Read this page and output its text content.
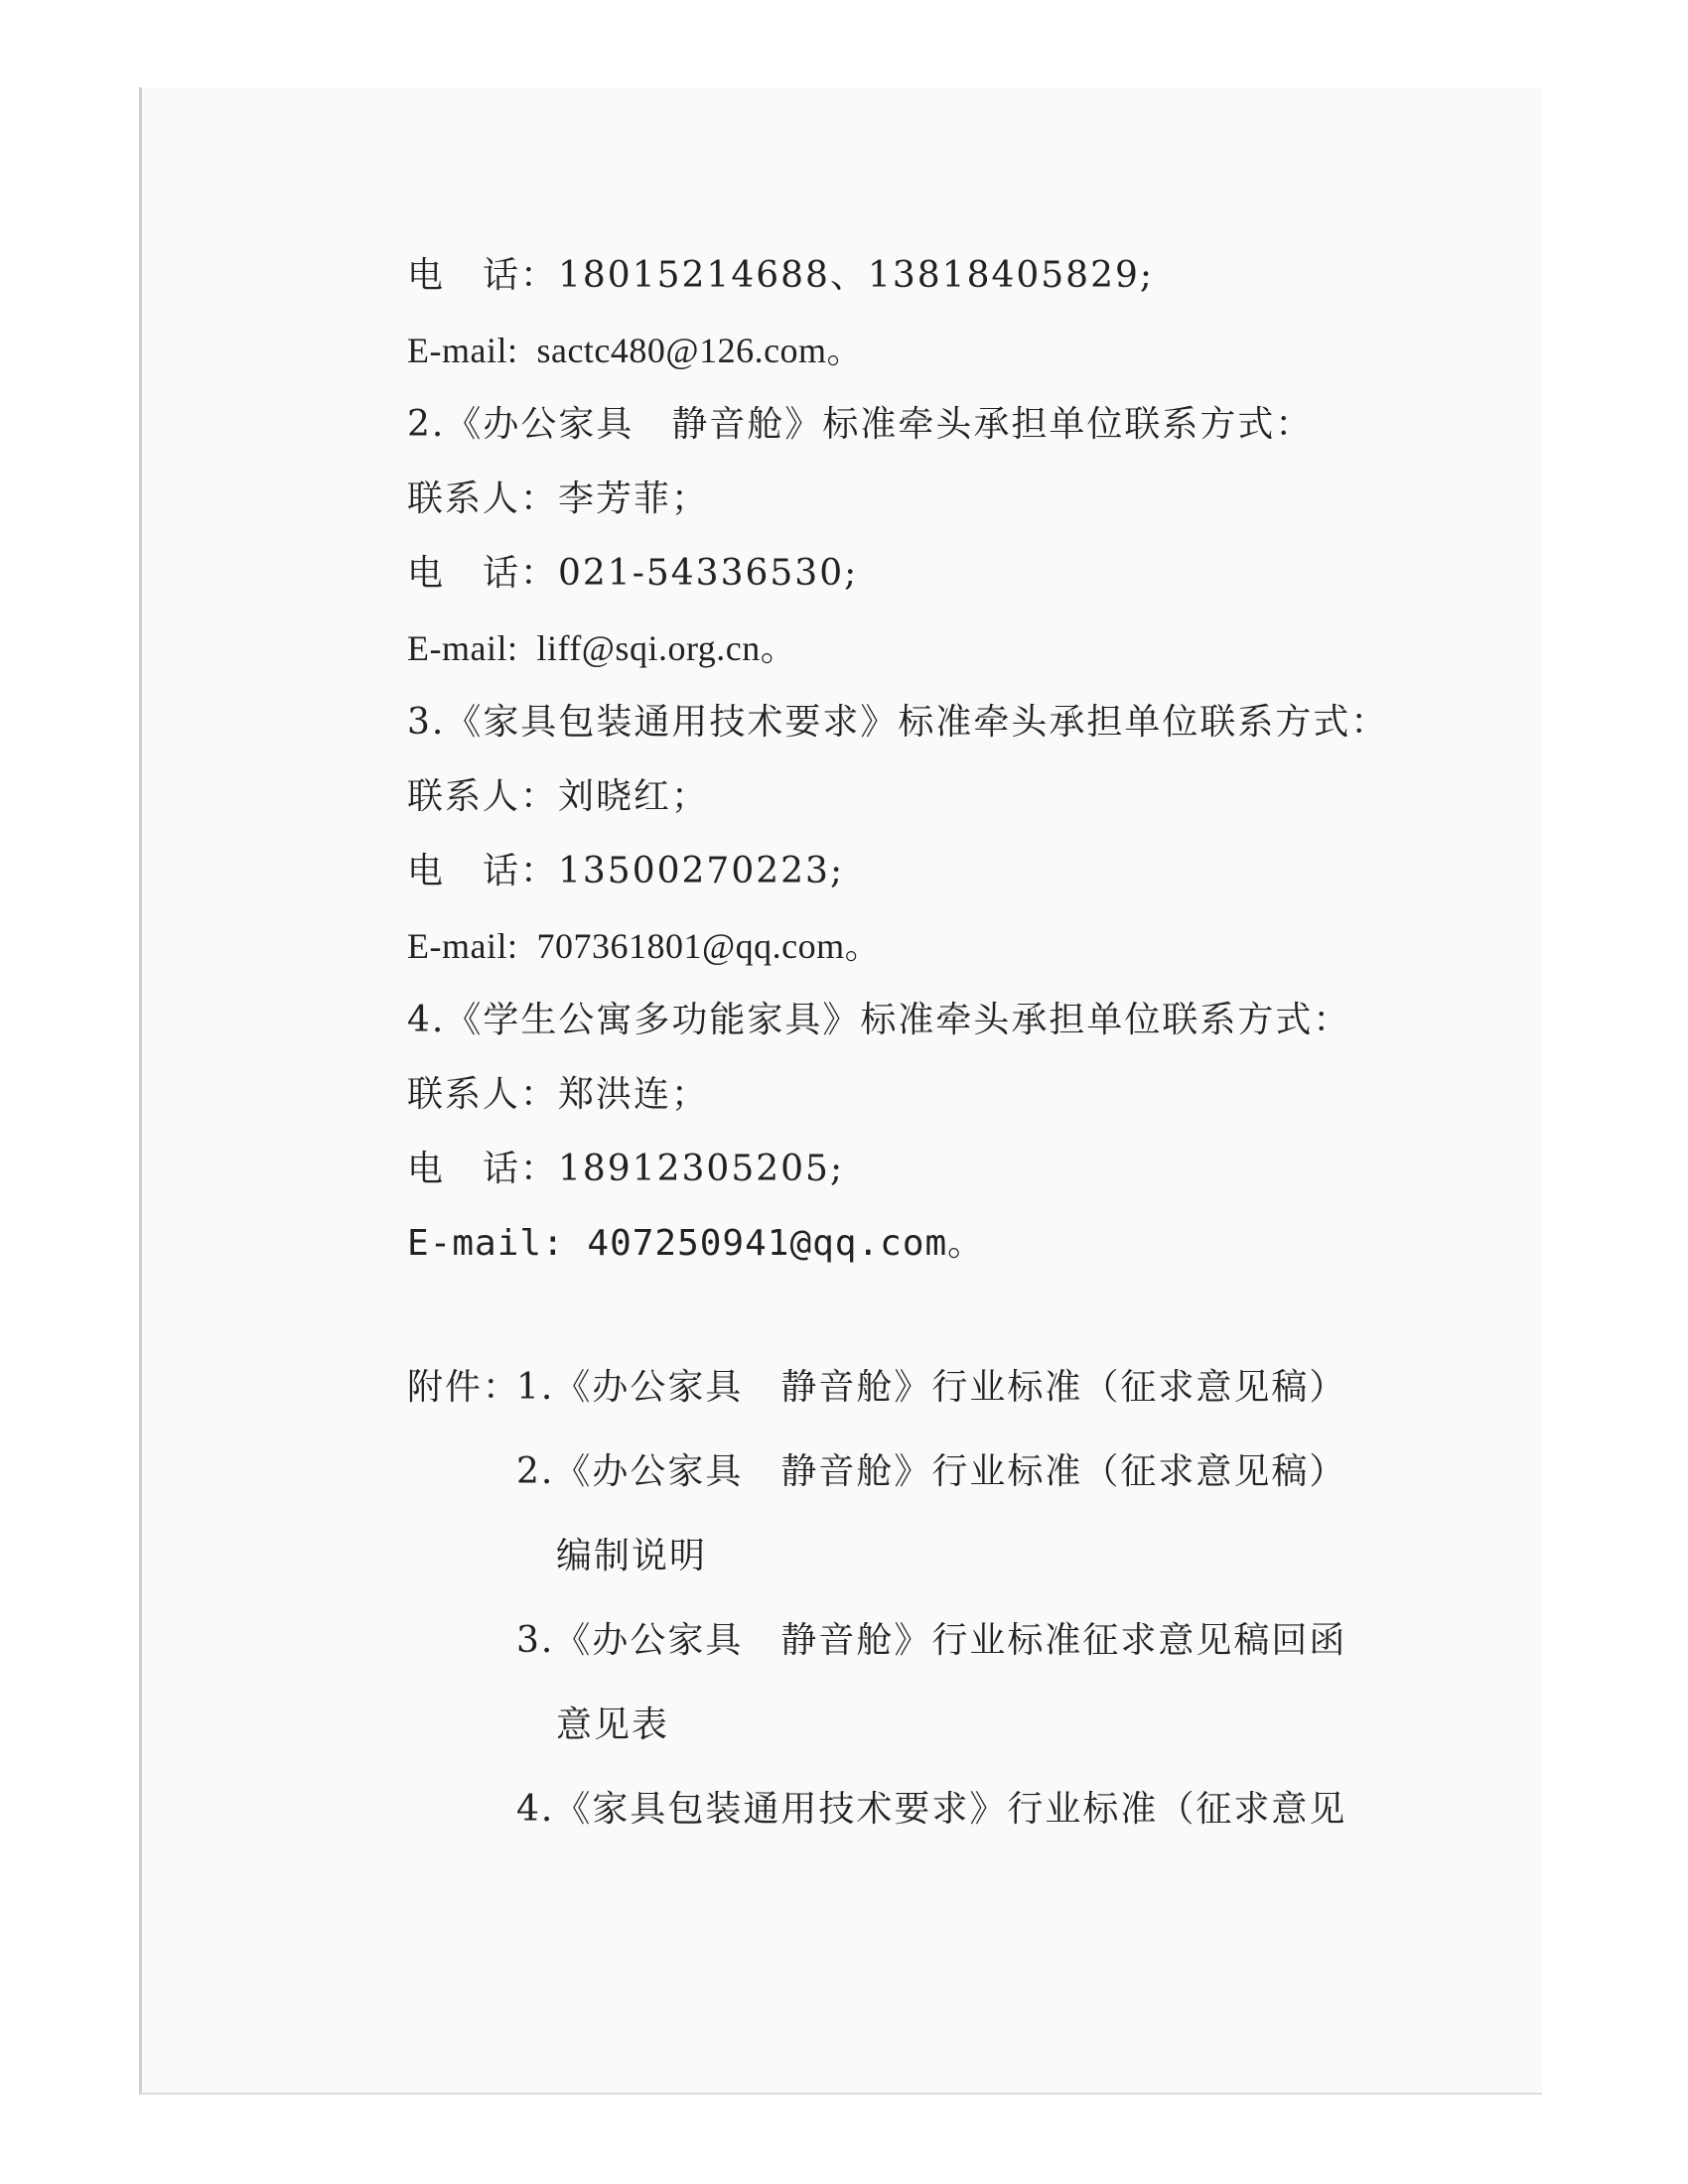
电　话：18015214688、13818405829;
E-mail:  sactc480@126.com。
2.《办公家具　静音舱》标准牵头承担单位联系方式：
联系人：李芳菲；
电　话：021-54336530;
E-mail:  liff@sqi.org.cn。
3.《家具包装通用技术要求》标准牵头承担单位联系方式：
联系人：刘晓红；
电　话：13500270223;
E-mail:  707361801@qq.com。
4.《学生公寓多功能家具》标准牵头承担单位联系方式：
联系人：郑洪连；
电　话：18912305205;
E-mail: 407250941@qq.com。
附件：
1.《办公家具　静音舱》行业标准（征求意见稿）
2.《办公家具　静音舱》行业标准（征求意见稿）
编制说明
3.《办公家具　静音舱》行业标准征求意见稿回函
意见表
4.《家具包装通用技术要求》行业标准（征求意见
